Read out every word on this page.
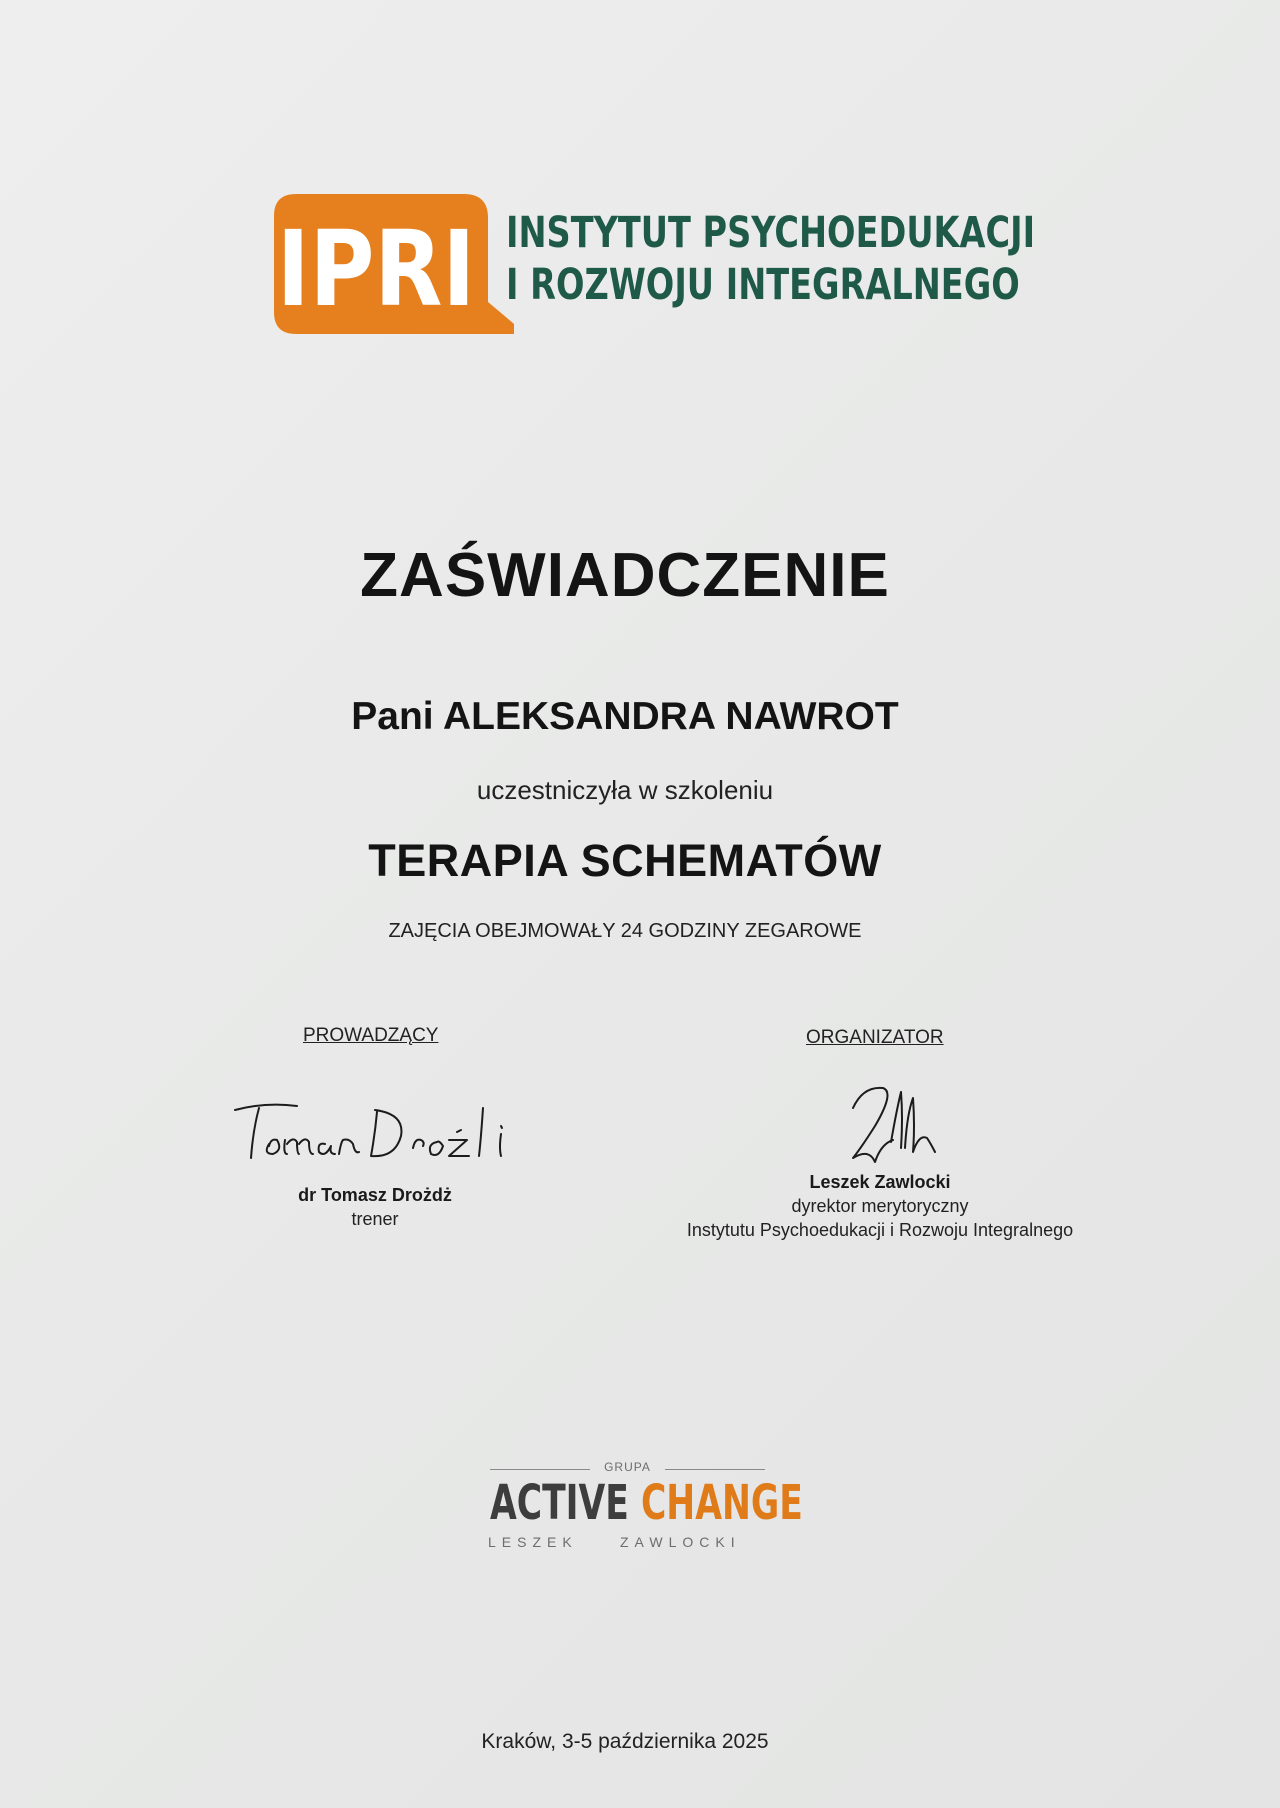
IPRI INSTYTUT PSYCHOEDUKACJI
I ROZWOJU INTEGRALNEGO
ZAŚWIADCZENIE
Pani ALEKSANDRA NAWROT
uczestniczyła w szkoleniu
TERAPIA SCHEMATÓW
ZAJĘCIA OBEJMOWAŁY 24 GODZINY ZEGAROWE
PROWADZĄCY	ORGANIZATOR
dr Tomasz Drożdż
trener
Leszek Zawlocki
dyrektor merytoryczny
Instytutu Psychoedukacji i Rozwoju Integralnego
GRUPA
ACTIVE CHANGE
LESZEK	ZAWLOCKI
Kraków, 3-5 października 2025
